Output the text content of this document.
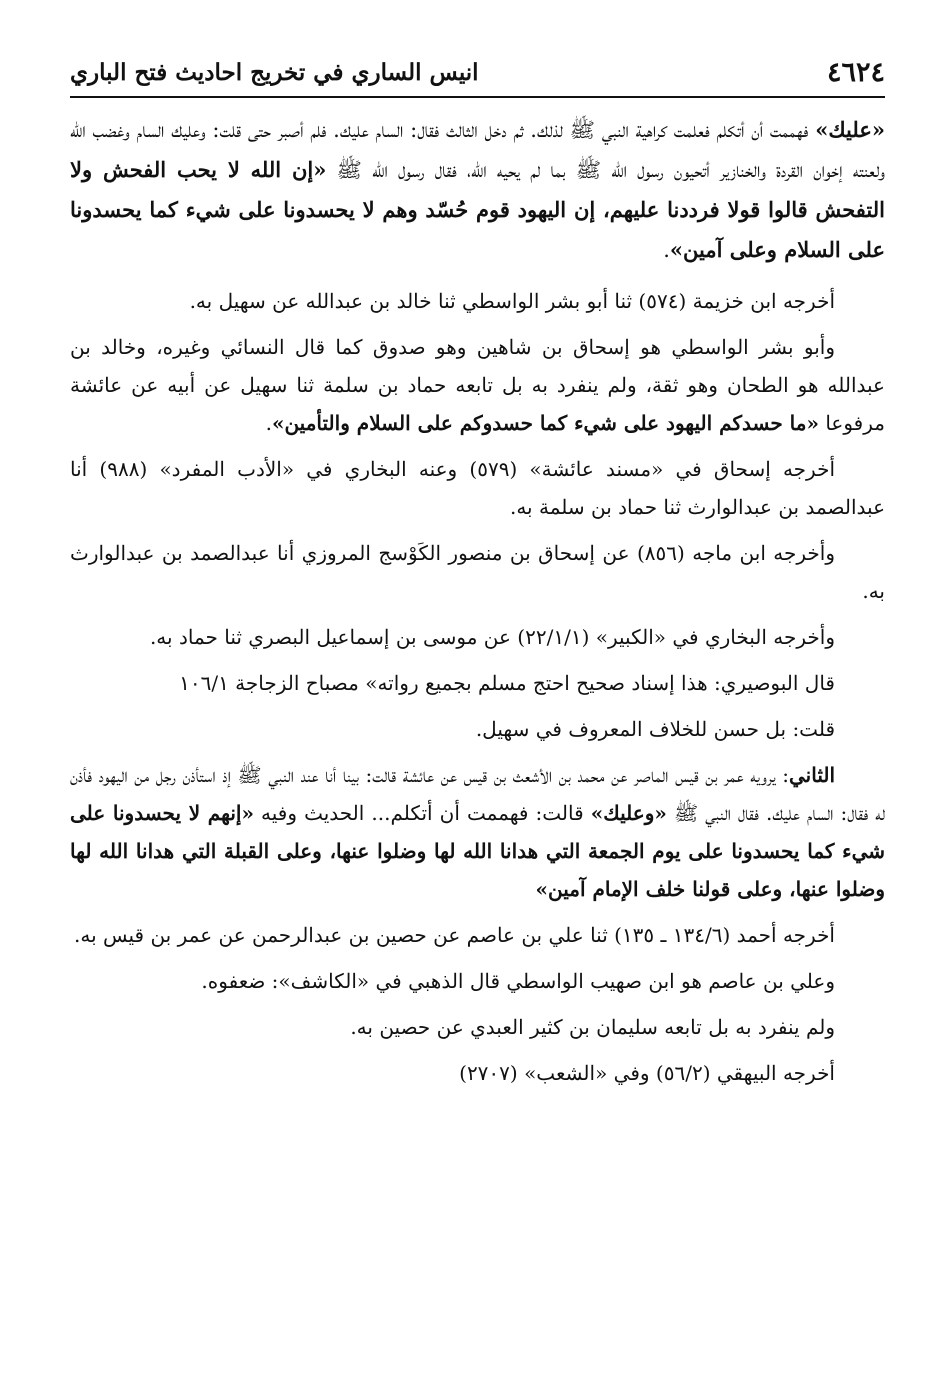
٤٦٢٤
انيس الساري في تخريج احاديث فتح الباري

«عليك» فهممت أن أتكلم فعلمت كراهية النبي ﷺ لذلك. ثم دخل الثالث فقال: السام عليك. فلم أصبر حتى قلت: وعليك السام وغضب الله ولعنته إخوان القردة والخنازير أتحيون رسول الله ﷺ بما لم يحيه الله، فقال رسول الله ﷺ «إن الله لا يحب الفحش ولا التفحش قالوا قولا فرددنا عليهم، إن اليهود قوم حُسّد وهم لا يحسدونا على شيء كما يحسدونا على السلام وعلى آمين».

أخرجه ابن خزيمة (٥٧٤) ثنا أبو بشر الواسطي ثنا خالد بن عبدالله عن سهيل به.

وأبو بشر الواسطي هو إسحاق بن شاهين وهو صدوق كما قال النسائي وغيره، وخالد بن عبدالله هو الطحان وهو ثقة، ولم ينفرد به بل تابعه حماد بن سلمة ثنا سهيل عن أبيه عن عائشة مرفوعا «ما حسدكم اليهود على شيء كما حسدوكم على السلام والتأمين».

أخرجه إسحاق في «مسند عائشة» (٥٧٩) وعنه البخاري في «الأدب المفرد» (٩٨٨) أنا عبدالصمد بن عبدالوارث ثنا حماد بن سلمة به.

وأخرجه ابن ماجه (٨٥٦) عن إسحاق بن منصور الكَوْسج المروزي أنا عبدالصمد بن عبدالوارث به.

وأخرجه البخاري في «الكبير» (٢٢/١/١) عن موسى بن إسماعيل البصري ثنا حماد به.

قال البوصيري: هذا إسناد صحيح احتج مسلم بجميع رواته» مصباح الزجاجة ١٠٦/١

قلت: بل حسن للخلاف المعروف في سهيل.

الثاني: يرويه عمر بن قيس الماصر عن محمد بن الأشعث بن قيس عن عائشة قالت: بينا أنا عند النبي ﷺ إذ استأذن رجل من اليهود فأذن له فقال: السام عليك. فقال النبي ﷺ «وعليك» قالت: فهممت أن أتكلم... الحديث وفيه «إنهم لا يحسدونا على شيء كما يحسدونا على يوم الجمعة التي هدانا الله لها وضلوا عنها، وعلى القبلة التي هدانا الله لها وضلوا عنها، وعلى قولنا خلف الإمام آمين»

أخرجه أحمد (١٣٤/٦ ـ ١٣٥) ثنا علي بن عاصم عن حصين بن عبدالرحمن عن عمر بن قيس به.

وعلي بن عاصم هو ابن صهيب الواسطي قال الذهبي في «الكاشف»: ضعفوه.

ولم ينفرد به بل تابعه سليمان بن كثير العبدي عن حصين به.

أخرجه البيهقي (٥٦/٢) وفي «الشعب» (٢٧٠٧)
